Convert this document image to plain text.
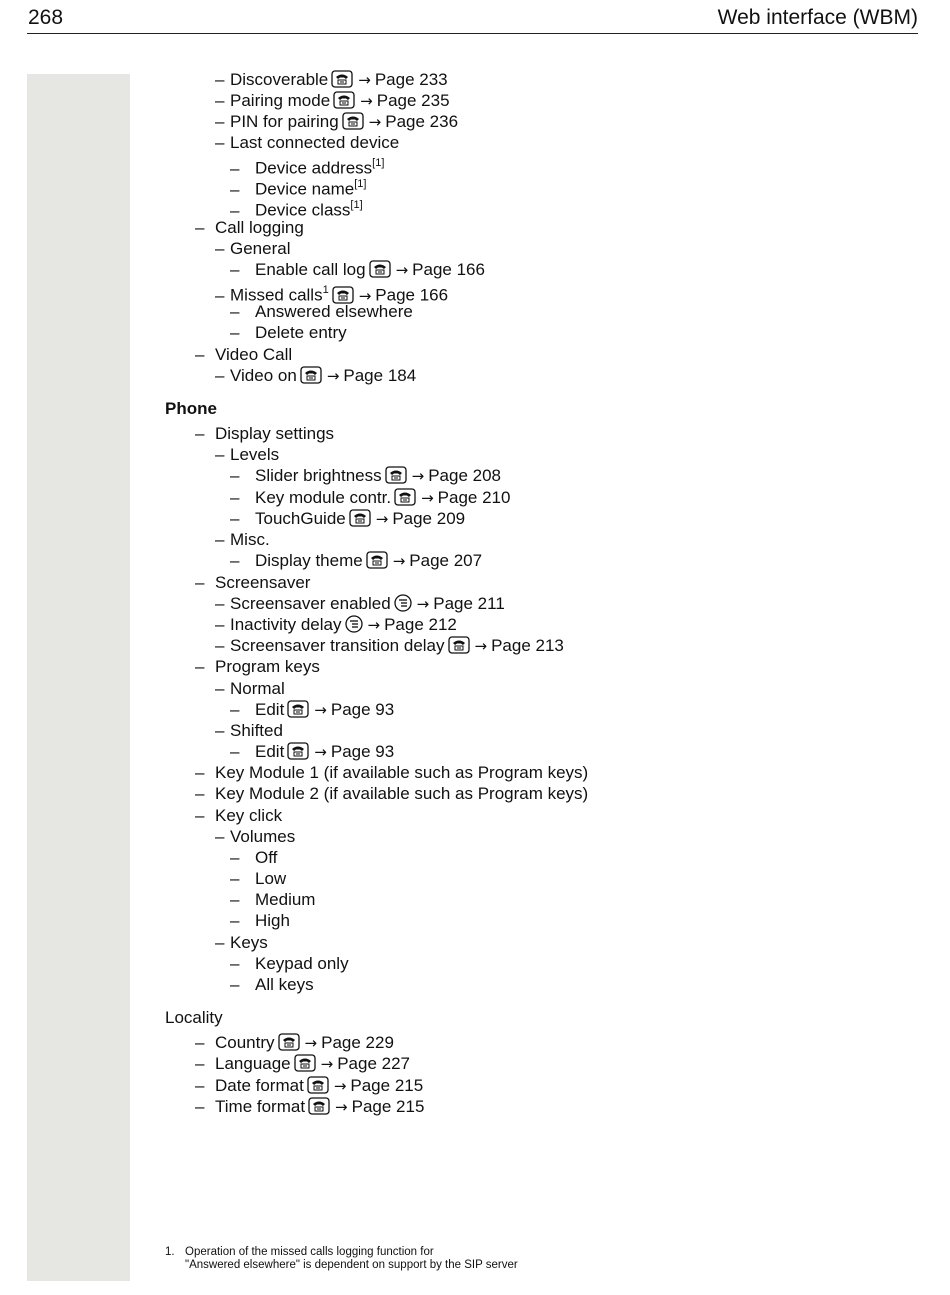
268	Web interface (WBM)
– Discoverable → Page 233
– Pairing mode → Page 235
– PIN for pairing → Page 236
– Last connected device
– Device address[1]
– Device name[1]
– Device class[1]
– Call logging
– General
– Enable call log → Page 166
– Missed calls$^1$ → Page 166
– Answered elsewhere
– Delete entry
– Video Call
– Video on → Page 184
– Display settings
– Levels
– Slider brightness → Page 208
– Key module contr. → Page 210
– TouchGuide → Page 209
– Misc.
– Display theme → Page 207
– Screensaver
– Screensaver enabled → Page 211
– Inactivity delay → Page 212
– Screensaver transition delay → Page 213
– Program keys
– Normal
– Edit → Page 93
– Shifted
– Edit → Page 93
– Key Module 1 (if available such as Program keys)
– Key Module 2 (if available such as Program keys)
– Key click
– Volumes
– Off
– Low
– Medium
– High
– Keys
– Keypad only
– All keys
– Country → Page 229
– Language → Page 227
– Date format → Page 215
– Time format → Page 215
Phone
Locality
1. Operation of the missed calls logging function for
"Answered elsewhere" is dependent on support by the SIP server
